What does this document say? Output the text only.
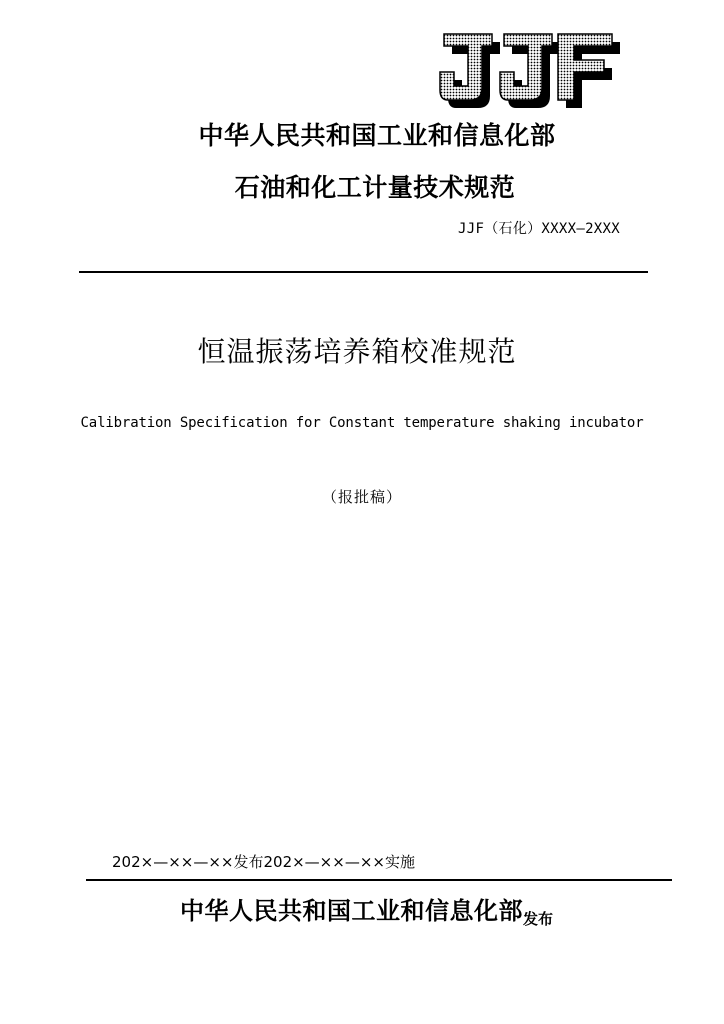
中华人民共和国工业和信息化部
石油和化工计量技术规范
JJF（石化）XXXX—2XXX
恒温振荡培养箱校准规范
Calibration Specification for Constant temperature shaking incubator
（报批稿）
202×—××—××发布202×—××—××实施
中华人民共和国工业和信息化部发布
